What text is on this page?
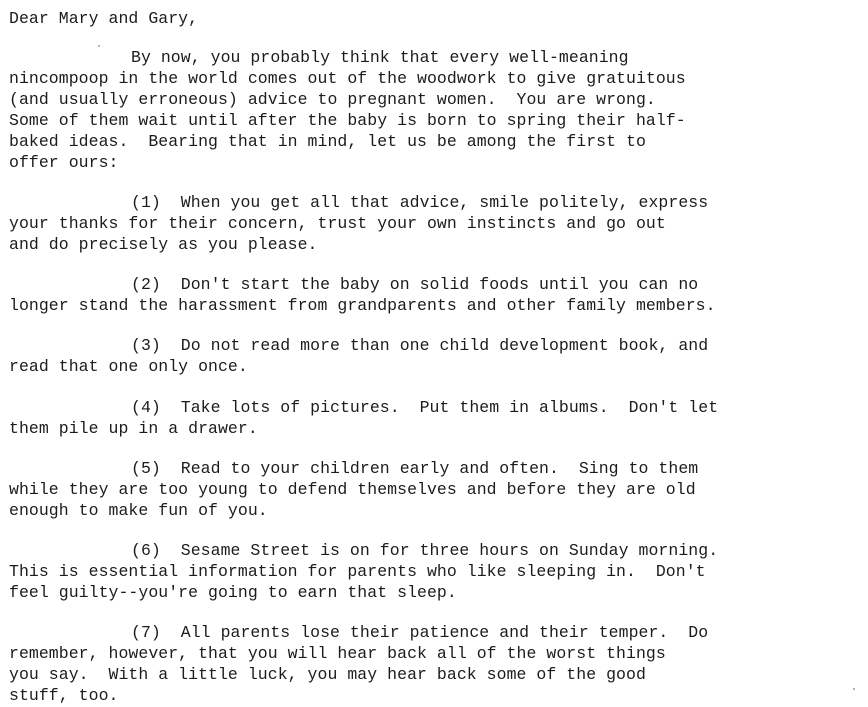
Dear Mary and Gary,
By now, you probably think that every well-meaning
nincompoop in the world comes out of the woodwork to give gratuitous
(and usually erroneous) advice to pregnant women.  You are wrong.
Some of them wait until after the baby is born to spring their half-
baked ideas.  Bearing that in mind, let us be among the first to
offer ours:
(1)  When you get all that advice, smile politely, express
your thanks for their concern, trust your own instincts and go out
and do precisely as you please.
(2)  Don't start the baby on solid foods until you can no
longer stand the harassment from grandparents and other family members.
(3)  Do not read more than one child development book, and
read that one only once.
(4)  Take lots of pictures.  Put them in albums.  Don't let
them pile up in a drawer.
(5)  Read to your children early and often.  Sing to them
while they are too young to defend themselves and before they are old
enough to make fun of you.
(6)  Sesame Street is on for three hours on Sunday morning.
This is essential information for parents who like sleeping in.  Don't
feel guilty--you're going to earn that sleep.
(7)  All parents lose their patience and their temper.  Do
remember, however, that you will hear back all of the worst things
you say.  With a little luck, you may hear back some of the good
stuff, too.
